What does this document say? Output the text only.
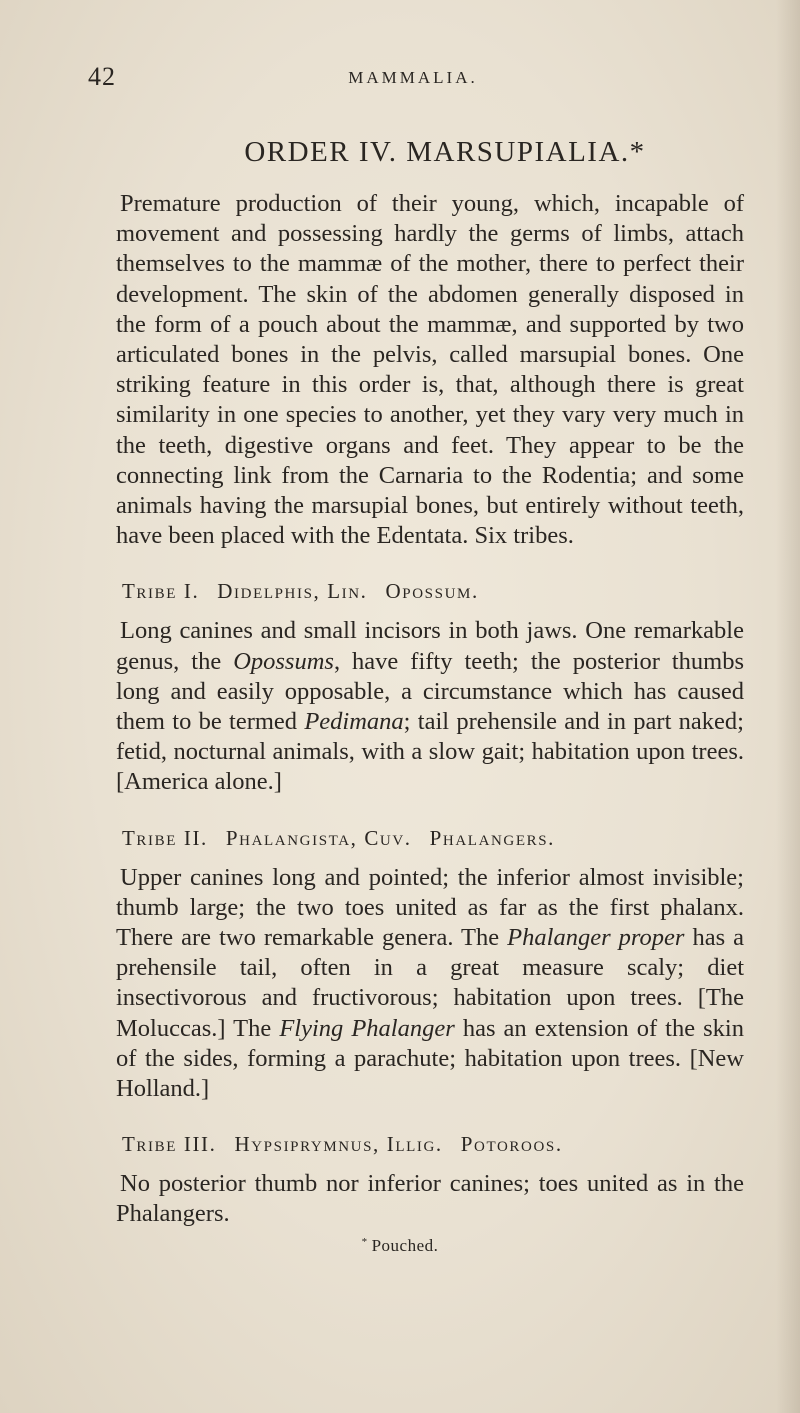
42	MAMMALIA.
ORDER IV. MARSUPIALIA.*

Premature production of their young, which, incapable of movement and possessing hardly the germs of limbs, attach themselves to the mammæ of the mother, there to perfect their development. The skin of the abdomen generally disposed in the form of a pouch about the mammæ, and supported by two articulated bones in the pelvis, called marsupial bones. One striking feature in this order is, that, although there is great similarity in one species to another, yet they vary very much in the teeth, digestive organs and feet. They appear to be the connecting link from the Carnaria to the Rodentia; and some animals having the marsupial bones, but entirely without teeth, have been placed with the Edentata. Six tribes.

Tribe I. Didelphis, Lin. Opossum.

Long canines and small incisors in both jaws. One remarkable genus, the Opossums, have fifty teeth; the posterior thumbs long and easily opposable, a circumstance which has caused them to be termed Pedimana; tail prehensile and in part naked; fetid, nocturnal animals, with a slow gait; habitation upon trees. [America alone.]

Tribe II. Phalangista, Cuv. Phalangers.

Upper canines long and pointed; the inferior almost invisible; thumb large; the two toes united as far as the first phalanx. There are two remarkable genera. The Phalanger proper has a prehensile tail, often in a great measure scaly; diet insectivorous and fructivorous; habitation upon trees. [The Moluccas.] The Flying Phalanger has an extension of the skin of the sides, forming a parachute; habitation upon trees. [New Holland.]

Tribe III. Hypsiprymnus, Illig. Potoroos.

No posterior thumb nor inferior canines; toes united as in the Phalangers.

* Pouched.
